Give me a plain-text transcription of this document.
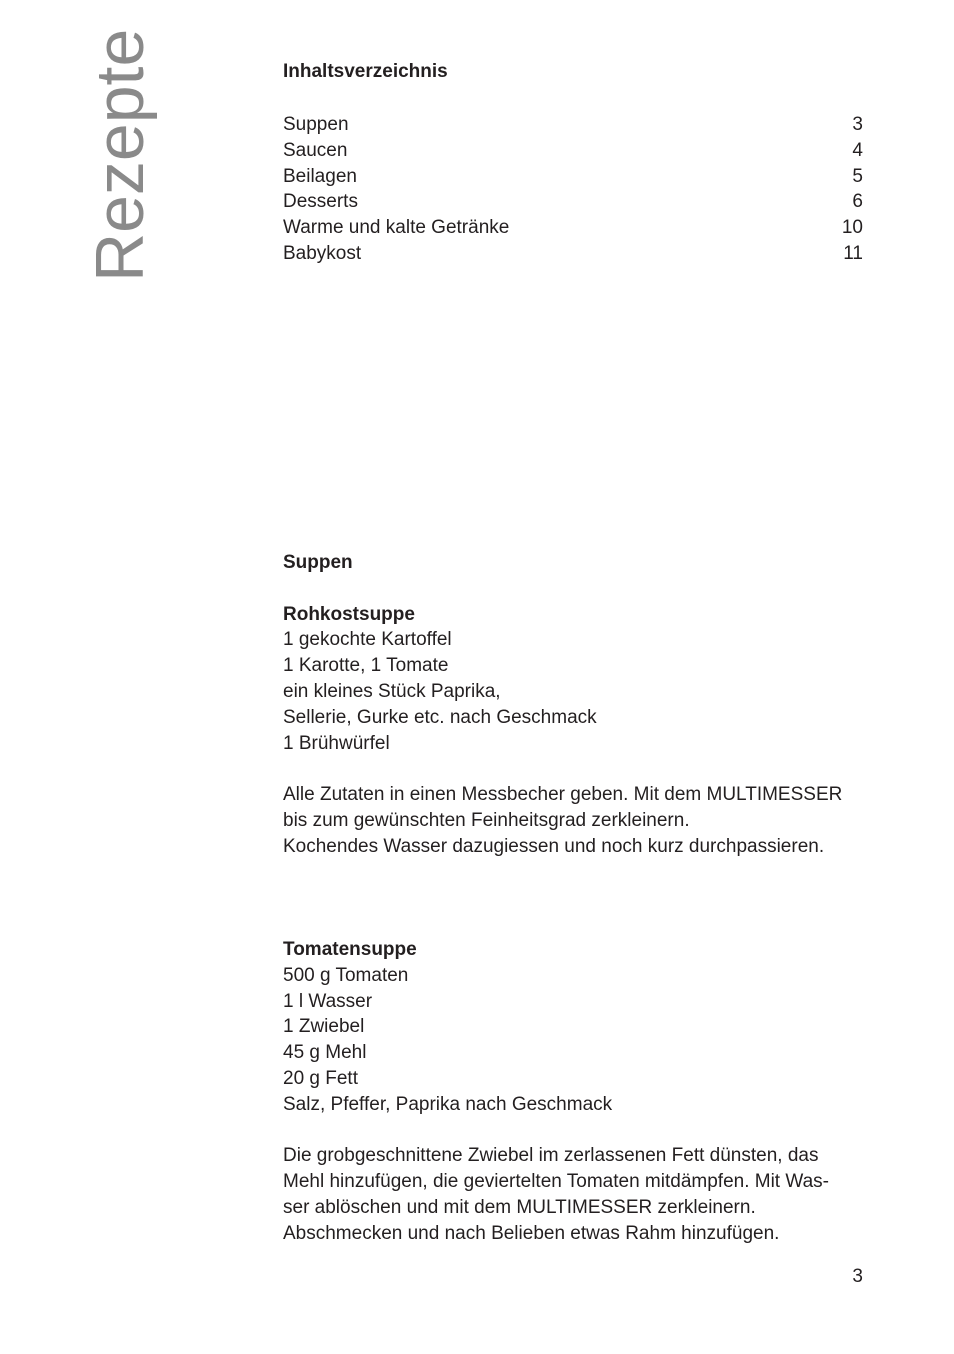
Rezepte	Inhaltsverzeichnis
Suppen	3
Saucen	4
Beilagen	5
Desserts	6
Warme und kalte Getränke	10
Babykost	11

Suppen

Rohkostsuppe

1 gekochte Kartoffel

1 Karotte, 1 Tomate

ein kleines Stück Paprika,

Sellerie, Gurke etc. nach Geschmack

1 Brühwürfel

Alle Zutaten in einen Messbecher geben. Mit dem MULTIMESSER

bis zum gewünschten Feinheitsgrad zerkleinern.

Kochendes Wasser dazugiessen und noch kurz durchpassieren.

Tomatensuppe

500 g Tomaten

1 l Wasser

1 Zwiebel

45 g Mehl

20 g Fett

Salz, Pfeffer, Paprika nach Geschmack

Die grobgeschnittene Zwiebel im zerlassenen Fett dünsten, das

Mehl hinzufügen, die geviertelten Tomaten mitdämpfen. Mit Was-

ser ablöschen und mit dem MULTIMESSER zerkleinern.

Abschmecken und nach Belieben etwas Rahm hinzufügen.

3
